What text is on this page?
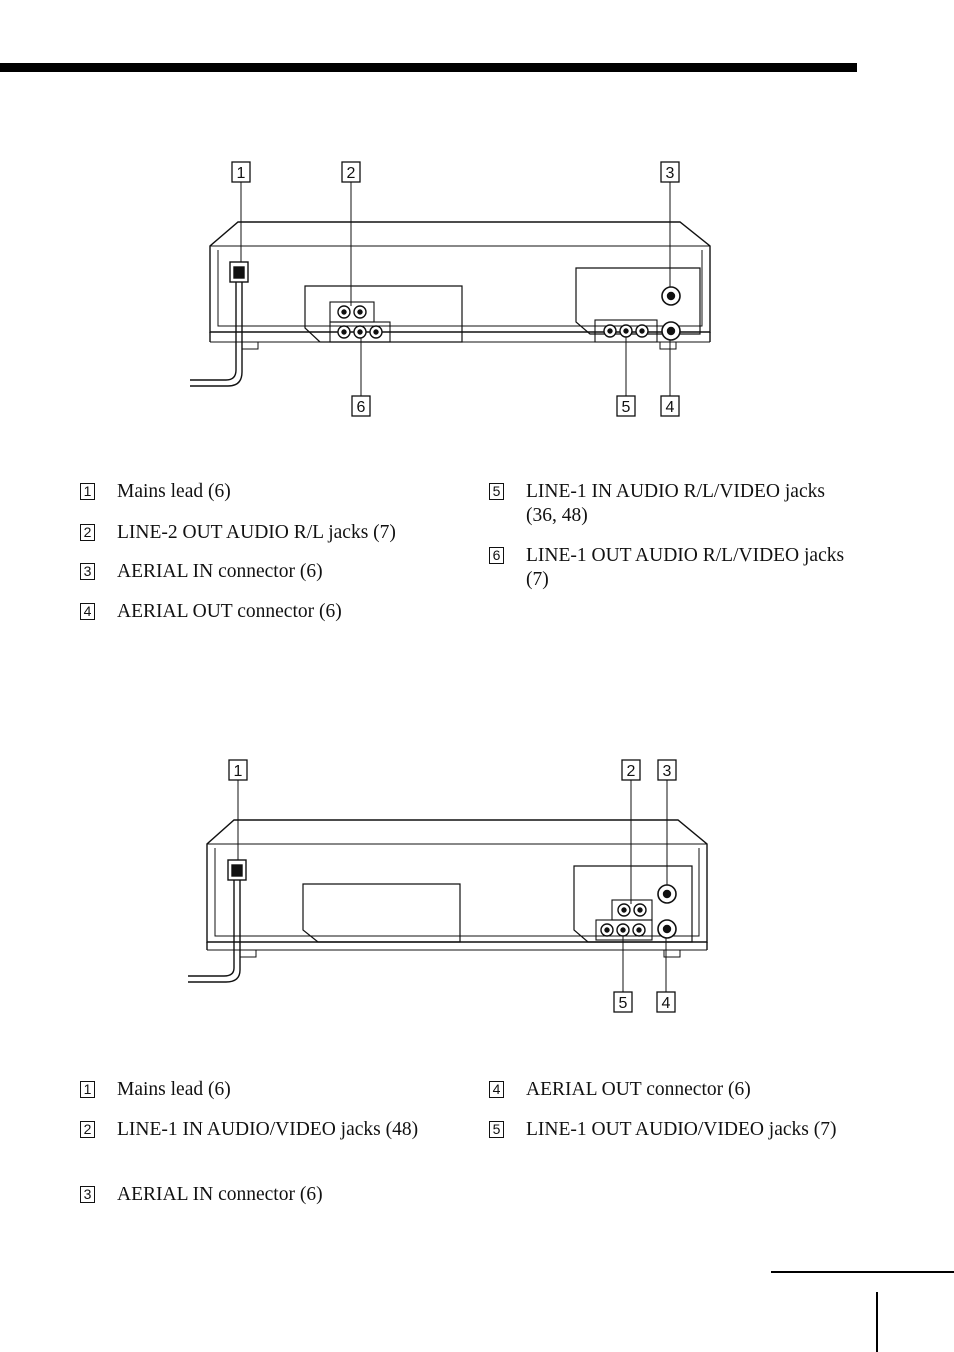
1	2	3
4
5
6
1 Mains lead (6)
2 LINE-2 OUT AUDIO R/L jacks (7)
3 AERIAL IN connector (6)
4 AERIAL OUT connector (6)
5 LINE-1 IN AUDIO R/L/VIDEO jacks (36, 48)
6 LINE-1 OUT AUDIO R/L/VIDEO jacks (7)
1	2 3
5 4
1 Mains lead (6)
2 LINE-1 IN AUDIO/VIDEO jacks (48)
3 AERIAL IN connector (6)
4 AERIAL OUT connector (6)
5 LINE-1 OUT AUDIO/VIDEO jacks (7)
